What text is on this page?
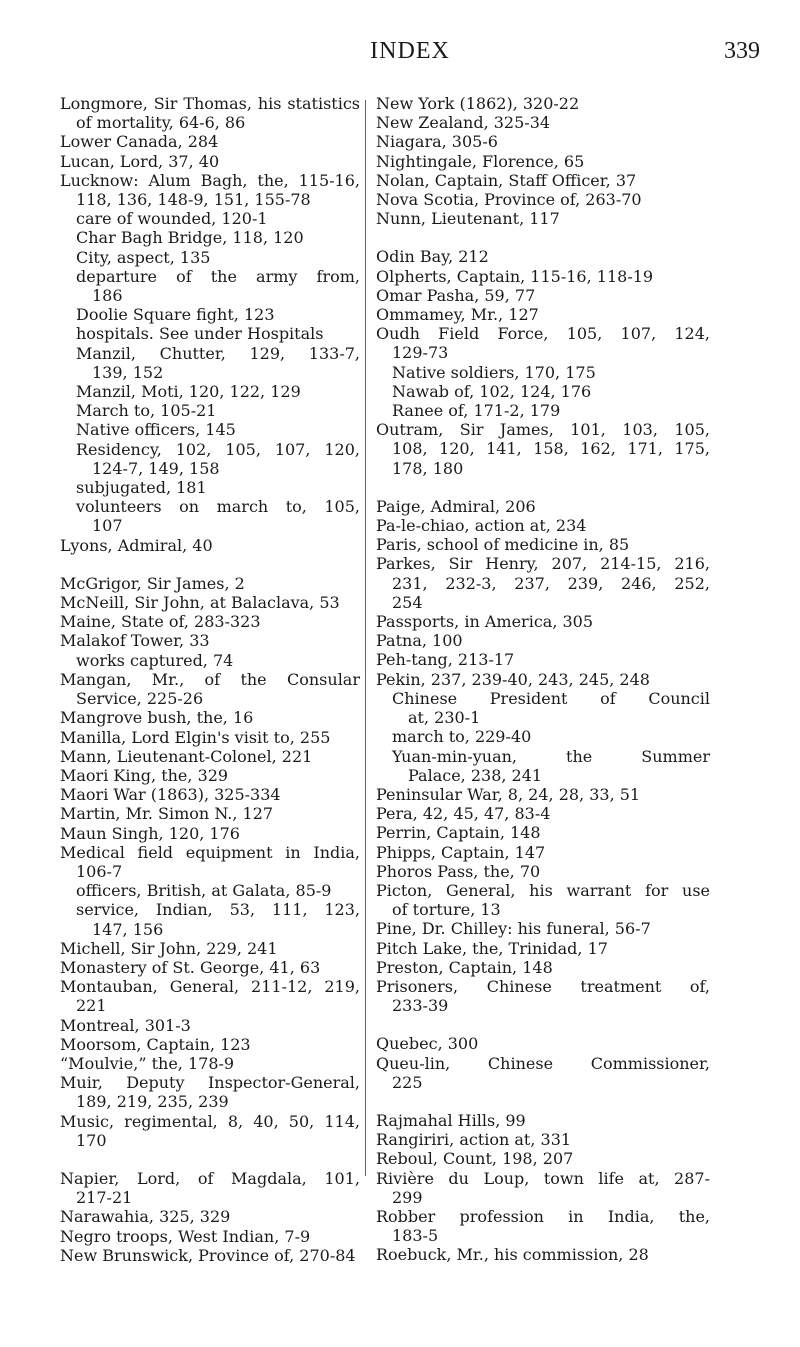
INDEX	339
Longmore, Sir Thomas, his statistics
of mortality, 64-6, 86
Lower Canada, 284
Lucan, Lord, 37, 40
Lucknow: Alum Bagh, the, 115-16,
118, 136, 148-9, 151, 155-78
care of wounded, 120-1
Char Bagh Bridge, 118, 120
City, aspect, 135
departure of the army from,
186
Doolie Square fight, 123
hospitals. See under Hospitals
Manzil, Chutter, 129, 133-7,
139, 152
Manzil, Moti, 120, 122, 129
March to, 105-21
Native officers, 145
Residency, 102, 105, 107, 120,
124-7, 149, 158
subjugated, 181
volunteers on march to, 105,
107
Lyons, Admiral, 40
McGrigor, Sir James, 2
McNeill, Sir John, at Balaclava, 53
Maine, State of, 283-323
Malakof Tower, 33
works captured, 74
Mangan, Mr., of the Consular
Service, 225-26
Mangrove bush, the, 16
Manilla, Lord Elgin's visit to, 255
Mann, Lieutenant-Colonel, 221
Maori King, the, 329
Maori War (1863), 325-334
Martin, Mr. Simon N., 127
Maun Singh, 120, 176
Medical field equipment in India,
106-7
officers, British, at Galata, 85-9
service, Indian, 53, 111, 123,
147, 156
Michell, Sir John, 229, 241
Monastery of St. George, 41, 63
Montauban, General, 211-12, 219,
221
Montreal, 301-3
Moorsom, Captain, 123
“Moulvie,” the, 178-9
Muir, Deputy Inspector-General,
189, 219, 235, 239
Music, regimental, 8, 40, 50, 114,
170
Napier, Lord, of Magdala, 101,
217-21
Narawahia, 325, 329
Negro troops, West Indian, 7-9
New Brunswick, Province of, 270-84
New York (1862), 320-22
New Zealand, 325-34
Niagara, 305-6
Nightingale, Florence, 65
Nolan, Captain, Staff Officer, 37
Nova Scotia, Province of, 263-70
Nunn, Lieutenant, 117
Odin Bay, 212
Olpherts, Captain, 115-16, 118-19
Omar Pasha, 59, 77
Ommamey, Mr., 127
Oudh Field Force, 105, 107, 124,
129-73
Native soldiers, 170, 175
Nawab of, 102, 124, 176
Ranee of, 171-2, 179
Outram, Sir James, 101, 103, 105,
108, 120, 141, 158, 162, 171, 175,
178, 180
Paige, Admiral, 206
Pa-le-chiao, action at, 234
Paris, school of medicine in, 85
Parkes, Sir Henry, 207, 214-15, 216,
231, 232-3, 237, 239, 246, 252,
254
Passports, in America, 305
Patna, 100
Peh-tang, 213-17
Pekin, 237, 239-40, 243, 245, 248
Chinese President of Council
at, 230-1
march to, 229-40
Yuan-min-yuan, the Summer
Palace, 238, 241
Peninsular War, 8, 24, 28, 33, 51
Pera, 42, 45, 47, 83-4
Perrin, Captain, 148
Phipps, Captain, 147
Phoros Pass, the, 70
Picton, General, his warrant for use
of torture, 13
Pine, Dr. Chilley: his funeral, 56-7
Pitch Lake, the, Trinidad, 17
Preston, Captain, 148
Prisoners, Chinese treatment of,
233-39
Quebec, 300
Queu-lin, Chinese Commissioner,
225
Rajmahal Hills, 99
Rangiriri, action at, 331
Reboul, Count, 198, 207
Rivière du Loup, town life at, 287-
299
Robber profession in India, the,
183-5
Roebuck, Mr., his commission, 28
